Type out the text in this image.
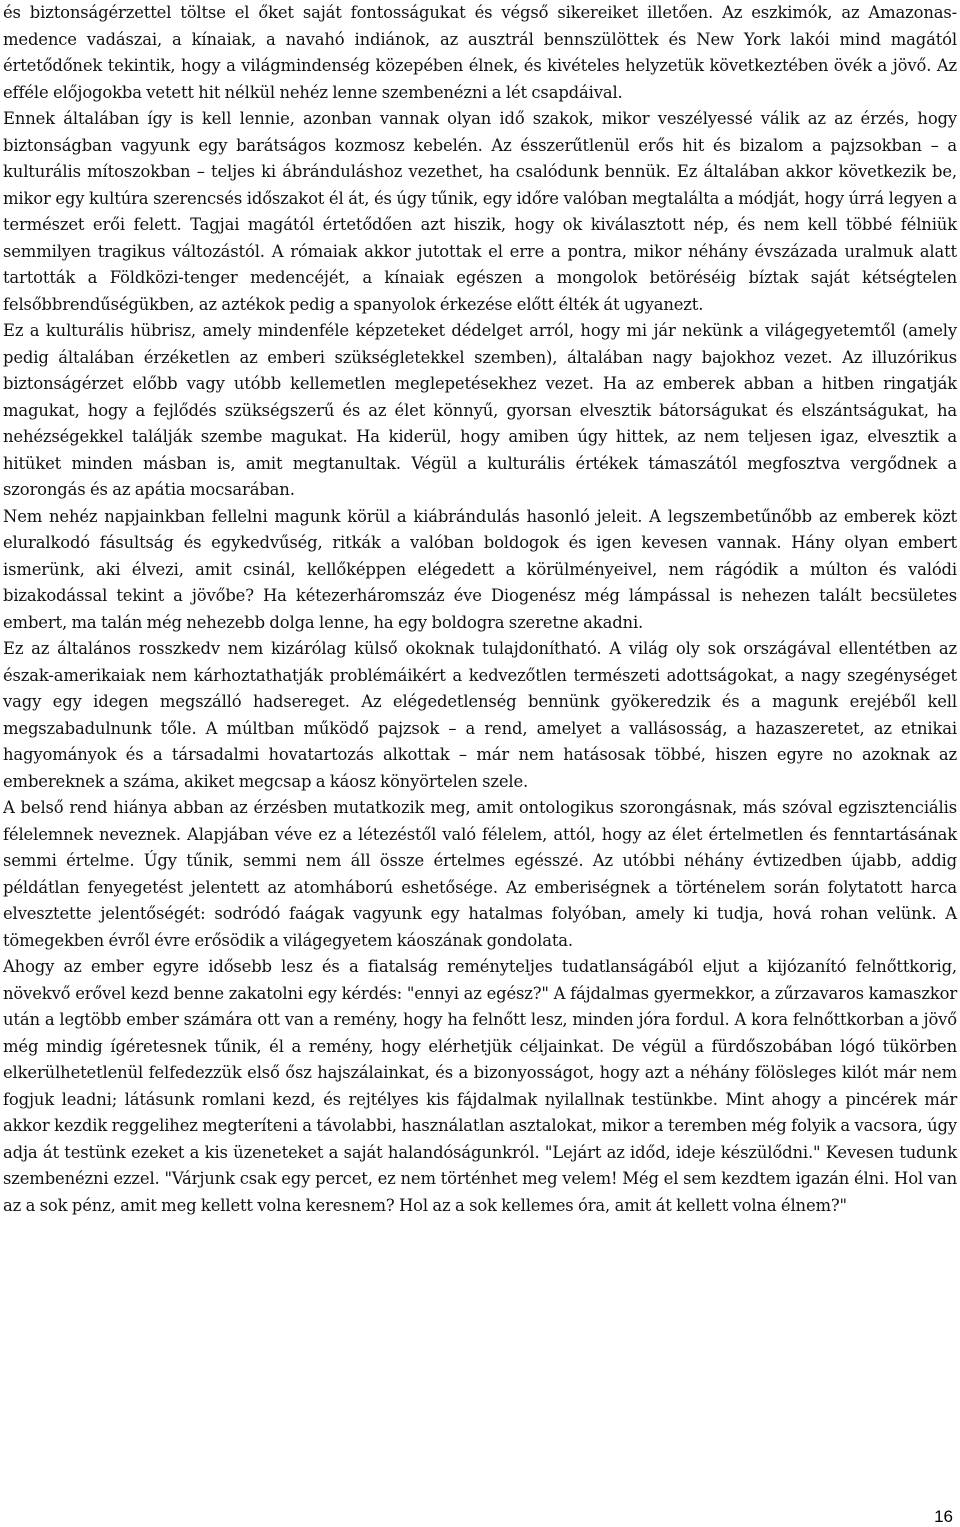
és biztonságérzettel töltse el őket saját fontosságukat és végső sikereiket illetően. Az eszkimók, az Amazonas-medence vadászai, a kínaiak, a navahó indiánok, az ausztrál bennszülöttek és New York lakói mind magától értetődőnek tekintik, hogy a világmindenség közepében élnek, és kivételes helyzetük következtében övék a jövő. Az efféle előjogokba vetett hit nélkül nehéz lenne szembenézni a lét csapdáival.

Ennek általában így is kell lennie, azonban vannak olyan idő szakok, mikor veszélyessé válik az az érzés, hogy biztonságban vagyunk egy barátságos kozmosz kebelén. Az ésszerűtlenül erős hit és bizalom a pajzsokban – a kulturális mítoszokban – teljes ki ábránduláshoz vezethet, ha csalódunk bennük. Ez általában akkor következik be, mikor egy kultúra szerencsés időszakot él át, és úgy tűnik, egy időre valóban megtalálta a módját, hogy úrrá legyen a természet erői felett. Tagjai magától értetődően azt hiszik, hogy ok kiválasztott nép, és nem kell többé félniük semmilyen tragikus változástól. A rómaiak akkor jutottak el erre a pontra, mikor néhány évszázada uralmuk alatt tartották a Földközi-tenger medencéjét, a kínaiak egészen a mongolok betöréséig bíztak saját kétségtelen felsőbbrendűségükben, az aztékok pedig a spanyolok érkezése előtt élték át ugyanezt.

Ez a kulturális hübrisz, amely mindenféle képzeteket dédelget arról, hogy mi jár nekünk a világegyetemtől (amely pedig általában érzéketlen az emberi szükségletekkel szemben), általában nagy bajokhoz vezet. Az illuzórikus biztonságérzet előbb vagy utóbb kellemetlen meglepetésekhez vezet. Ha az emberek abban a hitben ringatják magukat, hogy a fejlődés szükségszerű és az élet könnyű, gyorsan elvesztik bátorságukat és elszántságukat, ha nehézségekkel találják szembe magukat. Ha kiderül, hogy amiben úgy hittek, az nem teljesen igaz, elvesztik a hitüket minden másban is, amit megtanultak. Végül a kulturális értékek támaszától megfosztva vergődnek a szorongás és az apátia mocsarában.

Nem nehéz napjainkban fellelni magunk körül a kiábrándulás hasonló jeleit. A legszembetűnőbb az emberek közt eluralkodó fásultság és egykedvűség, ritkák a valóban boldogok és igen kevesen vannak. Hány olyan embert ismerünk, aki élvezi, amit csinál, kellőképpen elégedett a körülményeivel, nem rágódik a múlton és valódi bizakodással tekint a jövőbe? Ha kétezerháromszáz éve Diogenész még lámpással is nehezen talált becsületes embert, ma talán még nehezebb dolga lenne, ha egy boldogra szeretne akadni.

Ez az általános rosszkedv nem kizárólag külső okoknak tulajdonítható. A világ oly sok országával ellentétben az észak-amerikaiak nem kárhoztathatják problémáikért a kedvezőtlen természeti adottságokat, a nagy szegénységet vagy egy idegen megszálló hadsereget. Az elégedetlenség bennünk gyökeredzik és a magunk erejéből kell megszabadulnunk tőle. A múltban működő pajzsok – a rend, amelyet a vallásosság, a hazaszeretet, az etnikai hagyományok és a társadalmi hovatartozás alkottak – már nem hatásosak többé, hiszen egyre no azoknak az embereknek a száma, akiket megcsap a káosz könyörtelen szele.

A belső rend hiánya abban az érzésben mutatkozik meg, amit ontologikus szorongásnak, más szóval egzisztenciális félelemnek neveznek. Alapjában véve ez a létezéstől való félelem, attól, hogy az élet értelmetlen és fenntartásának semmi értelme. Úgy tűnik, semmi nem áll össze értelmes egésszé. Az utóbbi néhány évtizedben újabb, addig példátlan fenyegetést jelentett az atomháború eshetősége. Az emberiségnek a történelem során folytatott harca elvesztette jelentőségét: sodródó faágak vagyunk egy hatalmas folyóban, amely ki tudja, hová rohan velünk. A tömegekben évről évre erősödik a világegyetem káoszának gondolata.

Ahogy az ember egyre idősebb lesz és a fiatalság reményteljes tudatlanságából eljut a kijózanító felnőttkorig, növekvő erővel kezd benne zakatolni egy kérdés: "ennyi az egész?" A fájdalmas gyermekkor, a zűrzavaros kamaszkor után a legtöbb ember számára ott van a remény, hogy ha felnőtt lesz, minden jóra fordul. A kora felnőttkorban a jövő még mindig ígéretesnek tűnik, él a remény, hogy elérhetjük céljainkat. De végül a fürdőszobában lógó tükörben elkerülhetetlenül felfedezzük első ősz hajszálainkat, és a bizonyosságot, hogy azt a néhány fölösleges kilót már nem fogjuk leadni; látásunk romlani kezd, és rejtélyes kis fájdalmak nyilallnak testünkbe. Mint ahogy a pincérek már akkor kezdik reggelihez megteríteni a távolabbi, használatlan asztalokat, mikor a teremben még folyik a vacsora, úgy adja át testünk ezeket a kis üzeneteket a saját halandóságunkról. "Lejárt az időd, ideje készülődni." Kevesen tudunk szembenézni ezzel. "Várjunk csak egy percet, ez nem történhet meg velem! Még el sem kezdtem igazán élni. Hol van az a sok pénz, amit meg kellett volna keresnem? Hol az a sok kellemes óra, amit át kellett volna élnem?"

16
